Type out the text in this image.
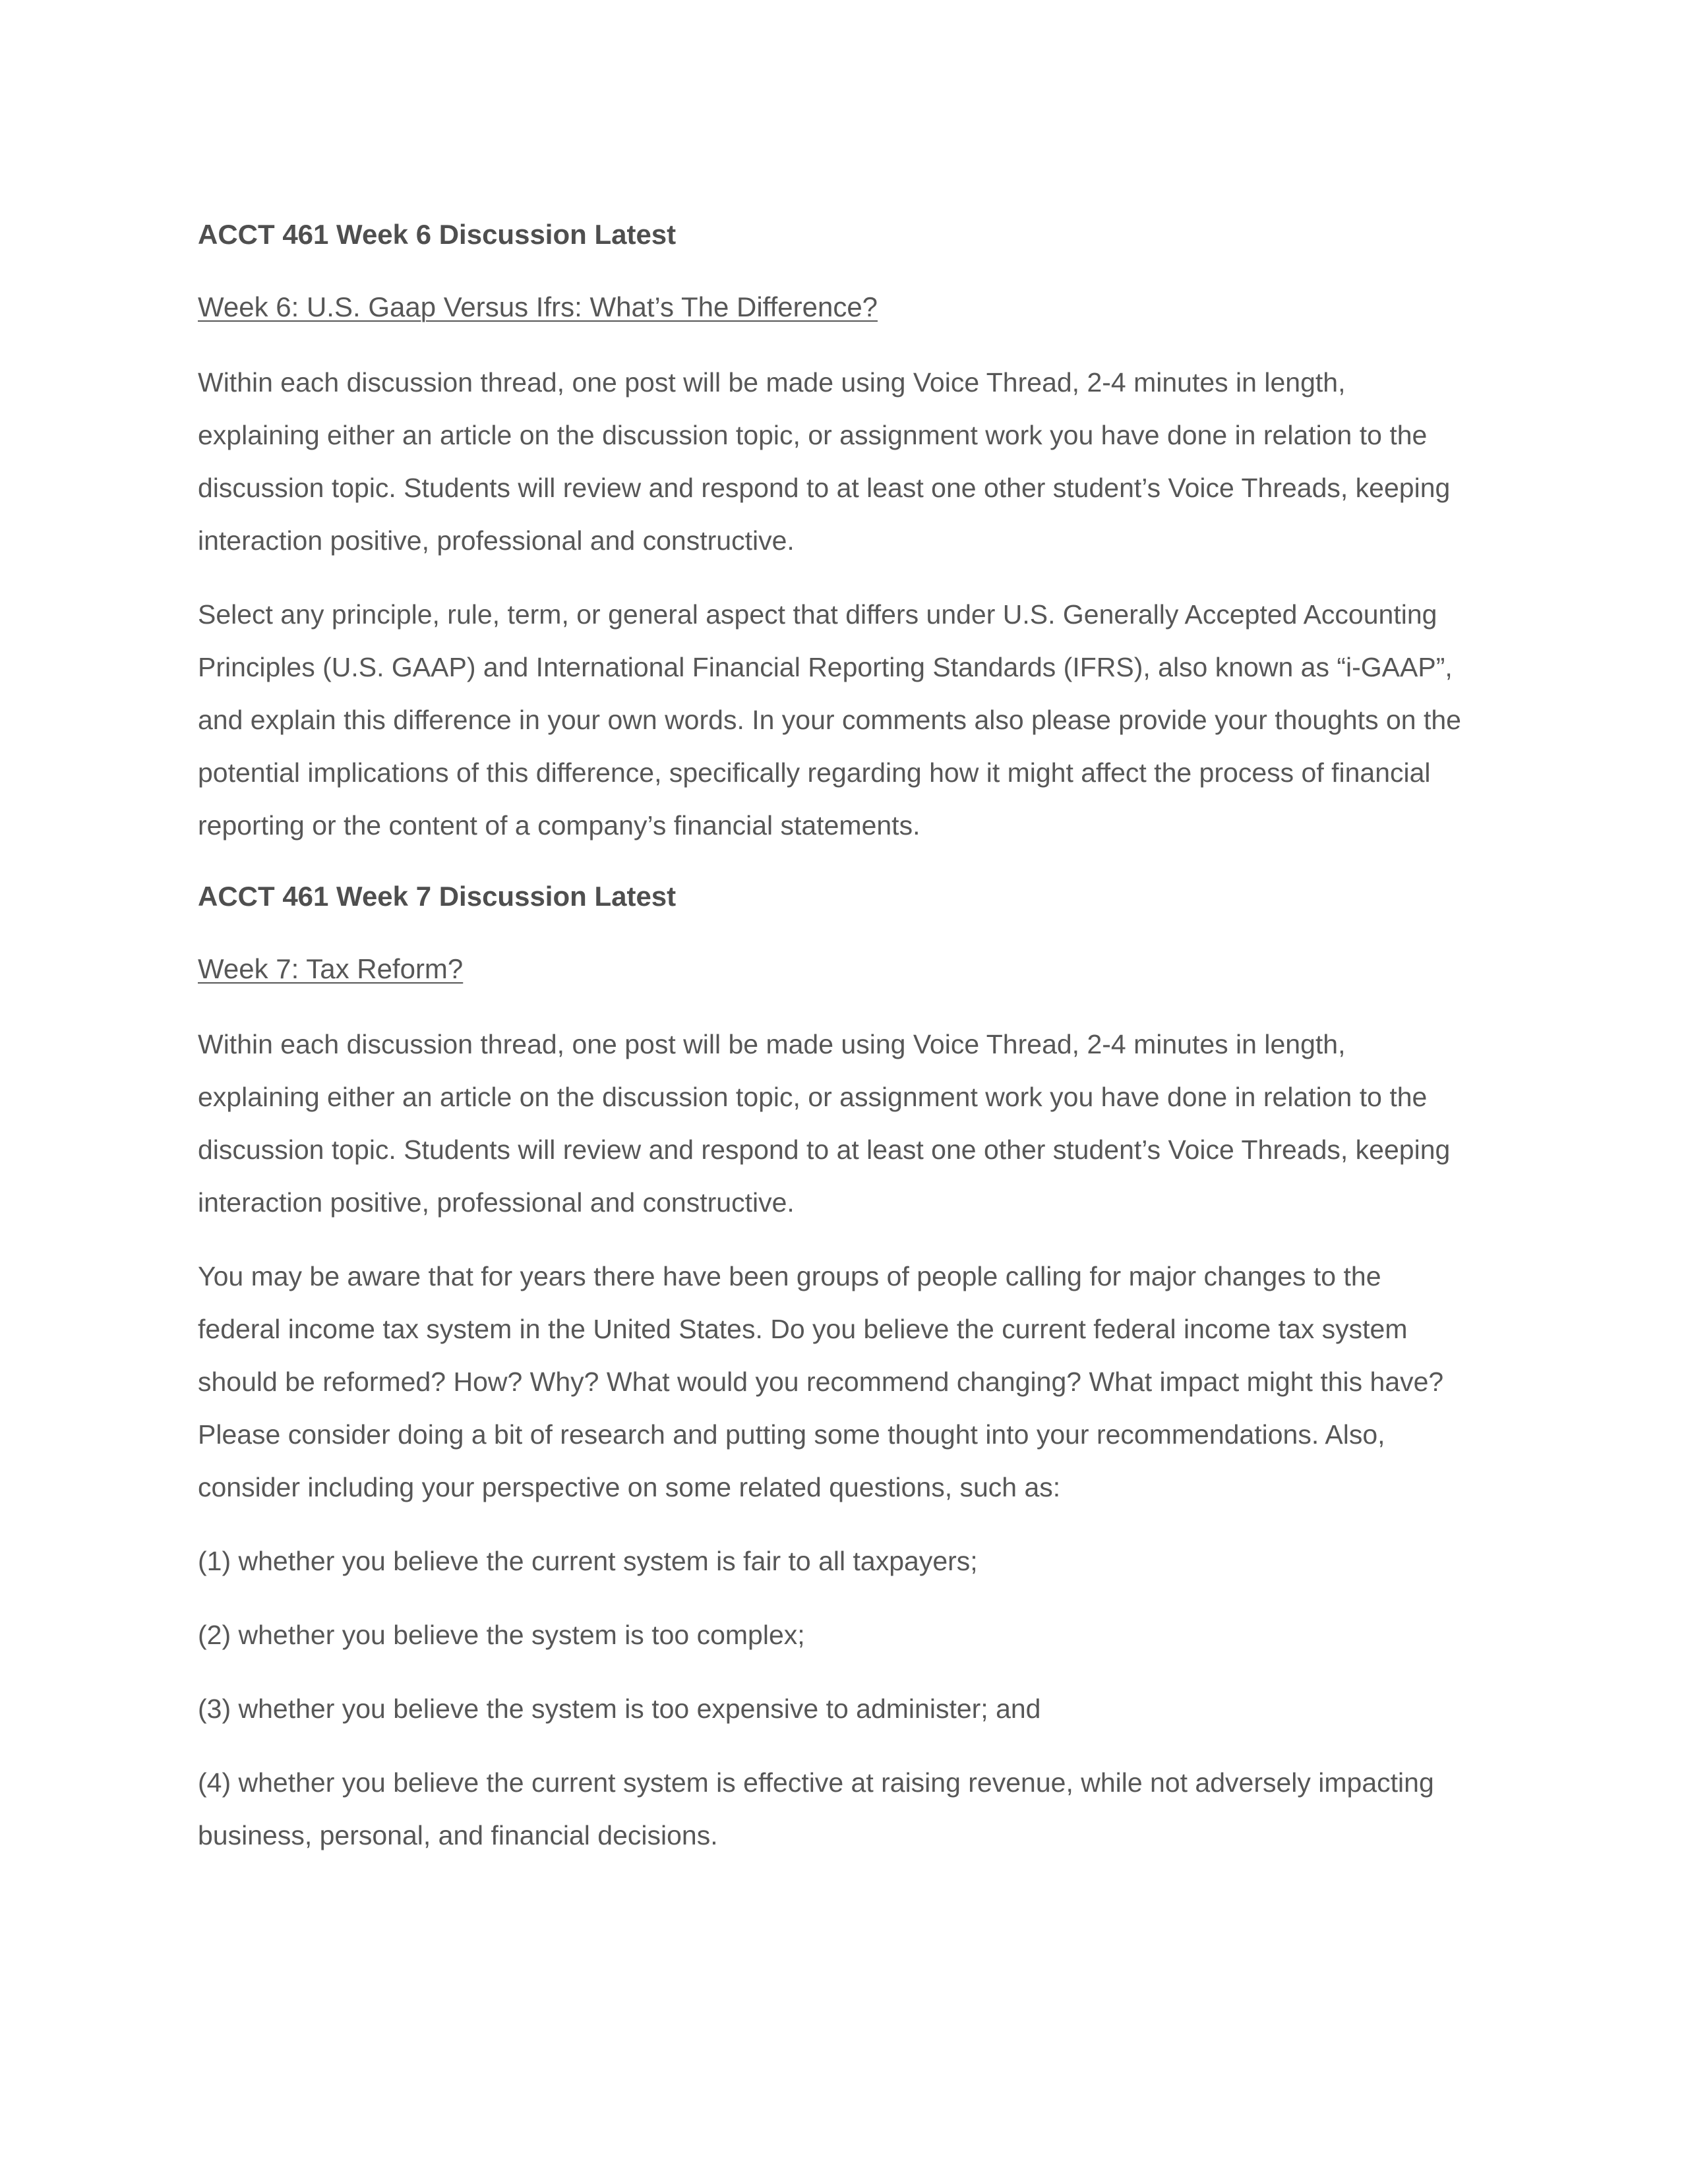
ACCT 461 Week 6 Discussion Latest
Week 6: U.S. Gaap Versus Ifrs: What’s The Difference?
Within each discussion thread, one post will be made using Voice Thread, 2-4 minutes in length,
explaining either an article on the discussion topic, or assignment work you have done in relation to the
discussion topic. Students will review and respond to at least one other student’s Voice Threads, keeping
interaction positive, professional and constructive.
Select any principle, rule, term, or general aspect that differs under U.S. Generally Accepted Accounting
Principles (U.S. GAAP) and International Financial Reporting Standards (IFRS), also known as “i-GAAP”,
and explain this difference in your own words. In your comments also please provide your thoughts on the
potential implications of this difference, specifically regarding how it might affect the process of financial
reporting or the content of a company’s financial statements.
ACCT 461 Week 7 Discussion Latest
Week 7: Tax Reform?
Within each discussion thread, one post will be made using Voice Thread, 2-4 minutes in length,
explaining either an article on the discussion topic, or assignment work you have done in relation to the
discussion topic. Students will review and respond to at least one other student’s Voice Threads, keeping
interaction positive, professional and constructive.
You may be aware that for years there have been groups of people calling for major changes to the
federal income tax system in the United States. Do you believe the current federal income tax system
should be reformed? How? Why? What would you recommend changing? What impact might this have?
Please consider doing a bit of research and putting some thought into your recommendations. Also,
consider including your perspective on some related questions, such as:
(1) whether you believe the current system is fair to all taxpayers;
(2) whether you believe the system is too complex;
(3) whether you believe the system is too expensive to administer; and
(4) whether you believe the current system is effective at raising revenue, while not adversely impacting
business, personal, and financial decisions.
